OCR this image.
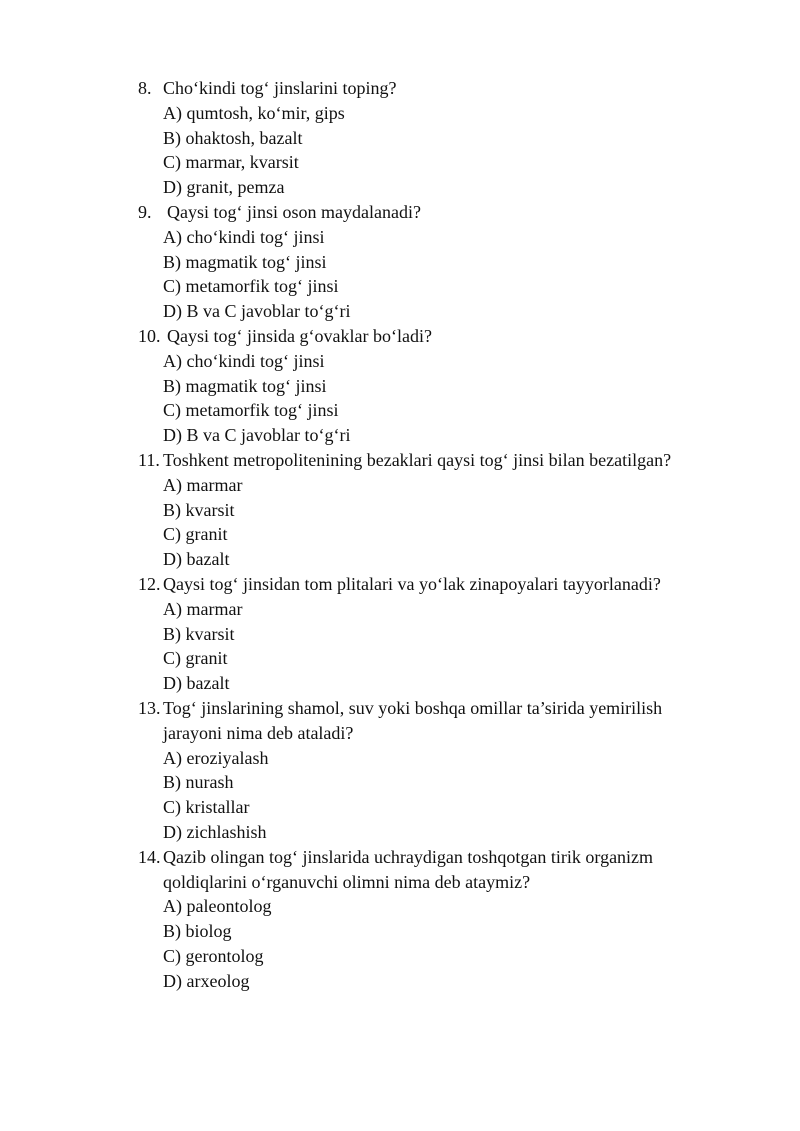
8. Cho‘kindi tog‘ jinslarini toping?
A) qumtosh, ko‘mir, gips
B) ohaktosh, bazalt
C) marmar, kvarsit
D) granit, pemza
9. Qaysi tog‘ jinsi oson maydalanadi?
A) cho‘kindi tog‘ jinsi
B) magmatik tog‘ jinsi
C) metamorfik tog‘ jinsi
D) B va C javoblar to‘g‘ri
10. Qaysi tog‘ jinsida g‘ovaklar bo‘ladi?
A) cho‘kindi tog‘ jinsi
B) magmatik tog‘ jinsi
C) metamorfik tog‘ jinsi
D) B va C javoblar to‘g‘ri
11. Toshkent metropolitenining bezaklari qaysi tog‘ jinsi bilan bezatilgan?
A) marmar
B) kvarsit
C) granit
D) bazalt
12. Qaysi tog‘ jinsidan tom plitalari va yo‘lak zinapoyalari tayyorlanadi?
A) marmar
B) kvarsit
C) granit
D) bazalt
13. Tog‘ jinslarining shamol, suv yoki boshqa omillar ta’sirida yemirilish
jarayoni nima deb ataladi?
A) eroziyalash
B) nurash
C) kristallar
D) zichlashish
14. Qazib olingan tog‘ jinslarida uchraydigan toshqotgan tirik organizm
qoldiqlarini o‘rganuvchi olimni nima deb ataymiz?
A) paleontolog
B) biolog
C) gerontolog
D) arxeolog
